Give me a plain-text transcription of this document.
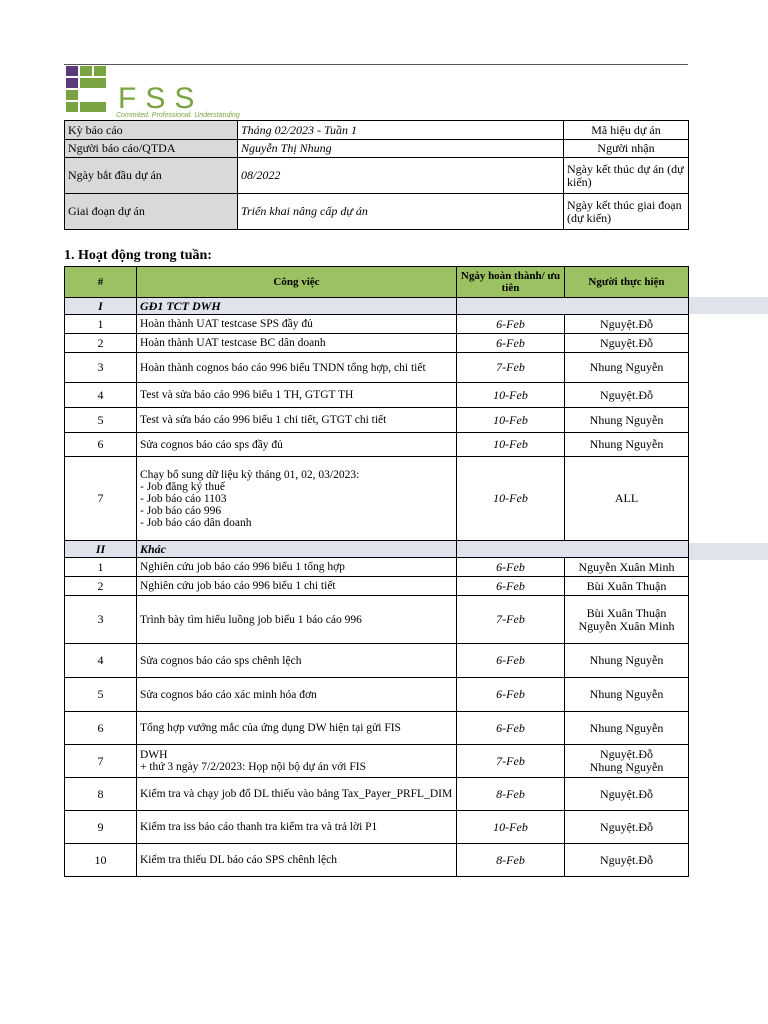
FSS
Commited. Professional. Understanding
Kỳ báo cáo	Tháng 02/2023 - Tuần 1	Mã hiệu dự án
Người báo cáo/QTDA	Nguyễn Thị Nhung	Người nhận
Ngày bắt đầu dự án	08/2022	Ngày kết thúc dự án (dự kiến)
Giai đoạn dự án	Triển khai nâng cấp dự án	Ngày kết thúc giai đoạn (dự kiến)
1. Hoạt động trong tuần:
#	Công việc	Ngày hoàn thành/ ưu tiên	Người thực hiện
I	GĐ1 TCT DWH		
1	Hoàn thành UAT testcase SPS đầy đủ	6-Feb	Nguyệt.Đỗ
2	Hoàn thành UAT testcase BC dân doanh	6-Feb	Nguyệt.Đỗ
3	Hoàn thành cognos báo cáo 996 biểu TNDN tổng hợp, chi tiết	7-Feb	Nhung Nguyễn
4	Test và sửa báo cáo 996 biểu 1 TH, GTGT TH	10-Feb	Nguyệt.Đỗ
5	Test và sửa báo cáo 996 biểu 1 chi tiết, GTGT chi tiết	10-Feb	Nhung Nguyễn
6	Sửa cognos báo cáo sps đầy đủ	10-Feb	Nhung Nguyễn
7	Chạy bổ sung dữ liệu kỳ tháng 01, 02, 03/2023:
- Job đăng ký thuế
- Job báo cáo 1103
- Job báo cáo 996
- Job báo cáo dân doanh	10-Feb	ALL
II	Khác		
1	Nghiên cứu job báo cáo 996 biểu 1 tổng hợp	6-Feb	Nguyễn Xuân Minh
2	Nghiên cứu job báo cáo 996 biểu 1 chi tiết	6-Feb	Bùi Xuân Thuận
3	Trình bày tìm hiểu luồng job biểu 1 báo cáo 996	7-Feb	Bùi Xuân Thuận
Nguyễn Xuân Minh
4	Sửa cognos báo cáo sps chênh lệch	6-Feb	Nhung Nguyễn
5	Sửa cognos báo cáo xác minh hóa đơn	6-Feb	Nhung Nguyễn
6	Tổng hợp vướng mắc của ứng dụng DW hiện tại gửi FIS	6-Feb	Nhung Nguyễn
7	DWH
+ thứ 3 ngày 7/2/2023: Họp nội bộ dự án với FIS	7-Feb	Nguyệt.Đỗ
Nhung Nguyễn
8	Kiểm tra và chạy job đổ DL thiếu vào bảng Tax_Payer_PRFL_DIM	8-Feb	Nguyệt.Đỗ
9	Kiểm tra iss báo cáo thanh tra kiểm tra và trả lời P1	10-Feb	Nguyệt.Đỗ
10	Kiểm tra thiếu DL báo cáo SPS chênh lệch	8-Feb	Nguyệt.Đỗ
